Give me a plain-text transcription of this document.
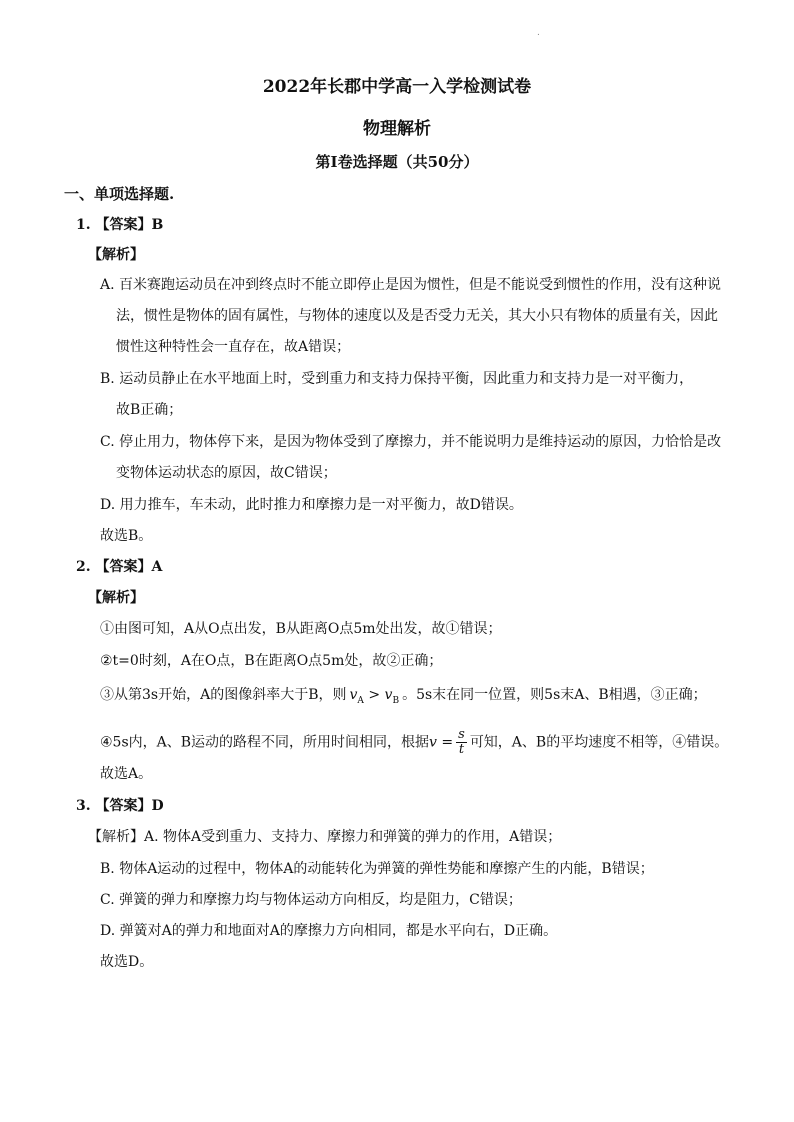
.
2022年长郡中学高一入学检测试卷
物理解析
第Ⅰ卷选择题（共50分）
一、单项选择题.
1. 【答案】B
【解析】
A. 百米赛跑运动员在冲到终点时不能立即停止是因为惯性，但是不能说受到惯性的作用，没有这种说
法，惯性是物体的固有属性，与物体的速度以及是否受力无关，其大小只有物体的质量有关，因此
惯性这种特性会一直存在，故A错误；
B. 运动员静止在水平地面上时，受到重力和支持力保持平衡，因此重力和支持力是一对平衡力，
故B正确；
C. 停止用力，物体停下来，是因为物体受到了摩擦力，并不能说明力是维持运动的原因，力恰恰是改
变物体运动状态的原因，故C错误；
D. 用力推车，车未动，此时推力和摩擦力是一对平衡力，故D错误。
故选B。
2. 【答案】A
【解析】
①由图可知，A从O点出发，B从距离O点5m处出发，故①错误；
②t=0时刻，A在O点，B在距离O点5m处，故②正确；
③从第3s开始，A的图像斜率大于B，则 $v_A > v_B$ 。5s末在同一位置，则5s末A、B相遇，③正确；
④5s内，A、B运动的路程不同，所用时间相同，根据$v = \frac{s}{t}$ 可知，A、B的平均速度不相等，④错误。
故选A。
3. 【答案】D
【解析】A. 物体A受到重力、支持力、摩擦力和弹簧的弹力的作用，A错误；
B. 物体A运动的过程中，物体A的动能转化为弹簧的弹性势能和摩擦产生的内能，B错误；
C. 弹簧的弹力和摩擦力均与物体运动方向相反，均是阻力，C错误；
D. 弹簧对A的弹力和地面对A的摩擦力方向相同，都是水平向右，D正确。
故选D。
